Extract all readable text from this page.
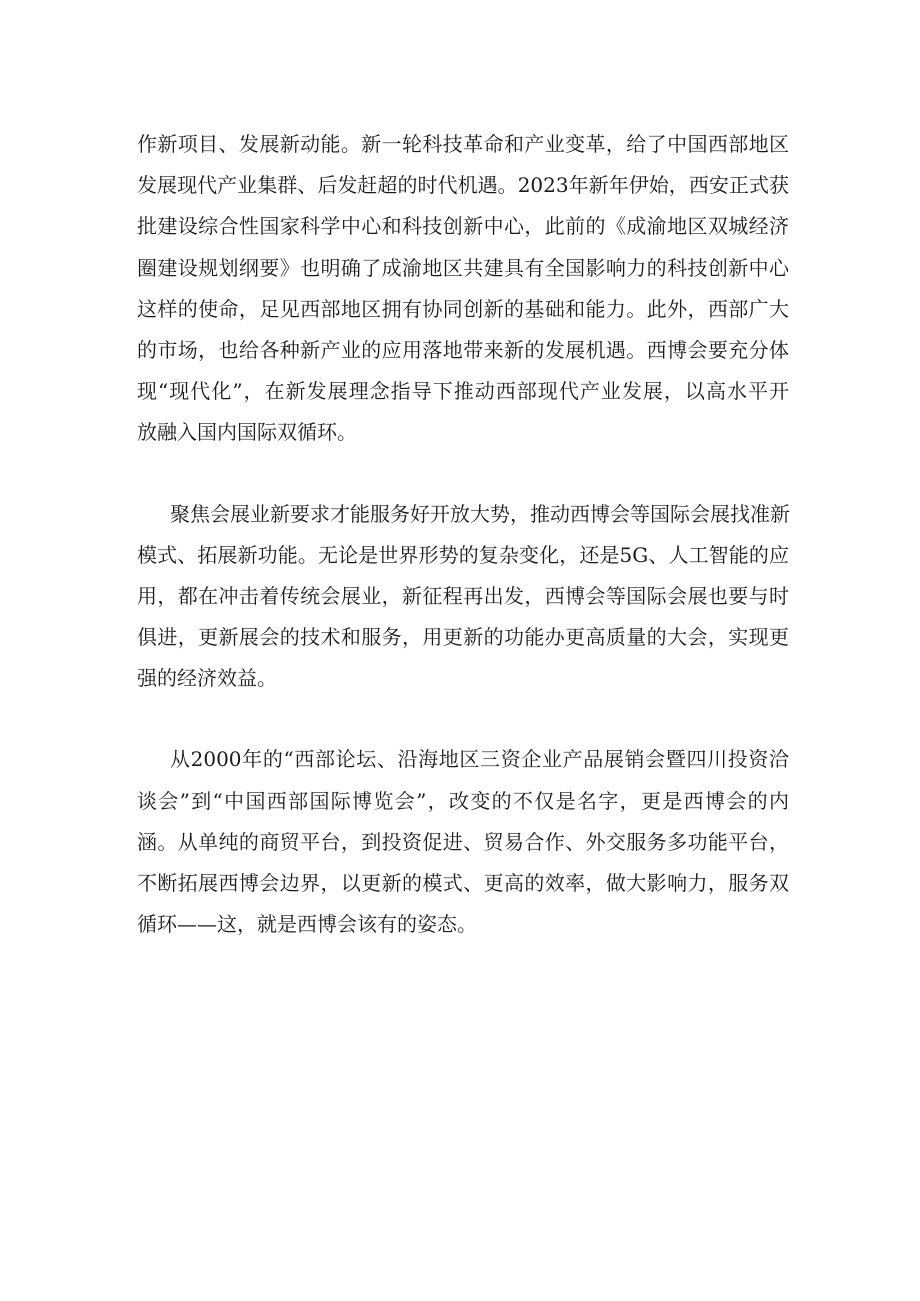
作新项目、发展新动能。新一轮科技革命和产业变革，给了中国西部地区
发展现代产业集群、后发赶超的时代机遇。2023年新年伊始，西安正式获
批建设综合性国家科学中心和科技创新中心，此前的《成渝地区双城经济
圈建设规划纲要》也明确了成渝地区共建具有全国影响力的科技创新中心
这样的使命，足见西部地区拥有协同创新的基础和能力。此外，西部广大
的市场，也给各种新产业的应用落地带来新的发展机遇。西博会要充分体
现“现代化”，在新发展理念指导下推动西部现代产业发展，以高水平开
放融入国内国际双循环。
聚焦会展业新要求才能服务好开放大势，推动西博会等国际会展找准新
模式、拓展新功能。无论是世界形势的复杂变化，还是5G、人工智能的应
用，都在冲击着传统会展业，新征程再出发，西博会等国际会展也要与时
俱进，更新展会的技术和服务，用更新的功能办更高质量的大会，实现更
强的经济效益。
从2000年的“西部论坛、沿海地区三资企业产品展销会暨四川投资洽
谈会”到“中国西部国际博览会”，改变的不仅是名字，更是西博会的内
涵。从单纯的商贸平台，到投资促进、贸易合作、外交服务多功能平台，
不断拓展西博会边界，以更新的模式、更高的效率，做大影响力，服务双
循环——这，就是西博会该有的姿态。
